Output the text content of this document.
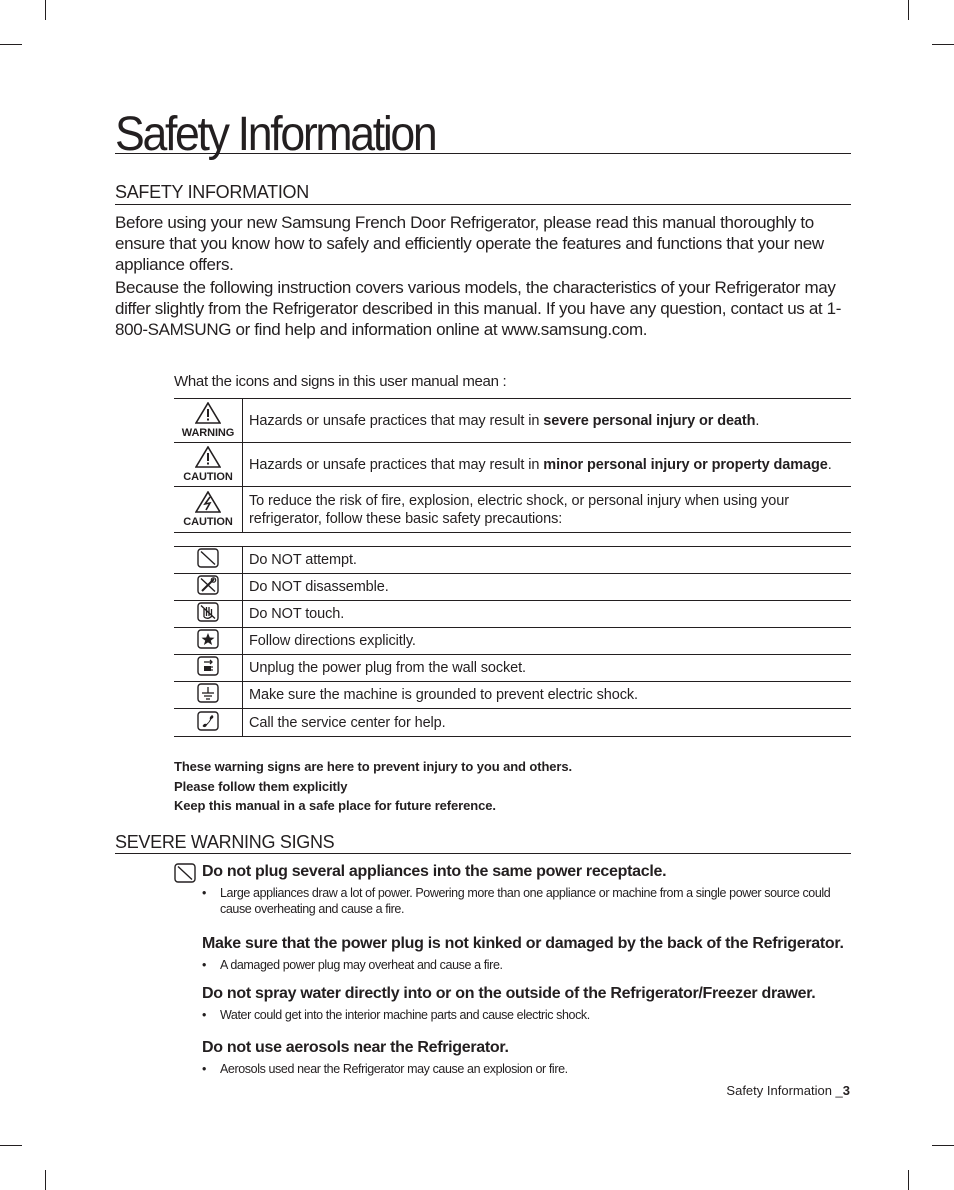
Safety Information
SAFETY INFORMATION

Before using your new Samsung French Door Refrigerator, please read this manual thoroughly to ensure that you know how to safely and efficiently operate the features and functions that your new appliance offers.

Because the following instruction covers various models, the characteristics of your Refrigerator may differ slightly from the Refrigerator described in this manual. If you have any question, contact us at 1-800-SAMSUNG or find help and information online at www.samsung.com.

What the icons and signs in this user manual mean :
WARNING	Hazards or unsafe practices that may result in severe personal injury or death.

CAUTION	Hazards or unsafe practices that may result in minor personal injury or property damage.

CAUTION	To reduce the risk of fire, explosion, electric shock, or personal injury when using your refrigerator, follow these basic safety precautions:
	Do NOT attempt.
	Do NOT disassemble.
	Do NOT touch.
	Follow directions explicitly.
	Unplug the power plug from the wall socket.
	Make sure the machine is grounded to prevent electric shock.
	Call the service center for help.
These warning signs are here to prevent injury to you and others.
Please follow them explicitly
Keep this manual in a safe place for future reference.
SEVERE WARNING SIGNS
Do not plug several appliances into the same power receptacle.
• Large appliances draw a lot of power. Powering more than one appliance or machine from a single power source could cause overheating and cause a fire.
Make sure that the power plug is not kinked or damaged by the back of the Refrigerator.
• A damaged power plug may overheat and cause a fire.
Do not spray water directly into or on the outside of the Refrigerator/Freezer drawer.
• Water could get into the interior machine parts and cause electric shock.
Do not use aerosols near the Refrigerator.
• Aerosols used near the Refrigerator may cause an explosion or fire.
Safety Information _3
